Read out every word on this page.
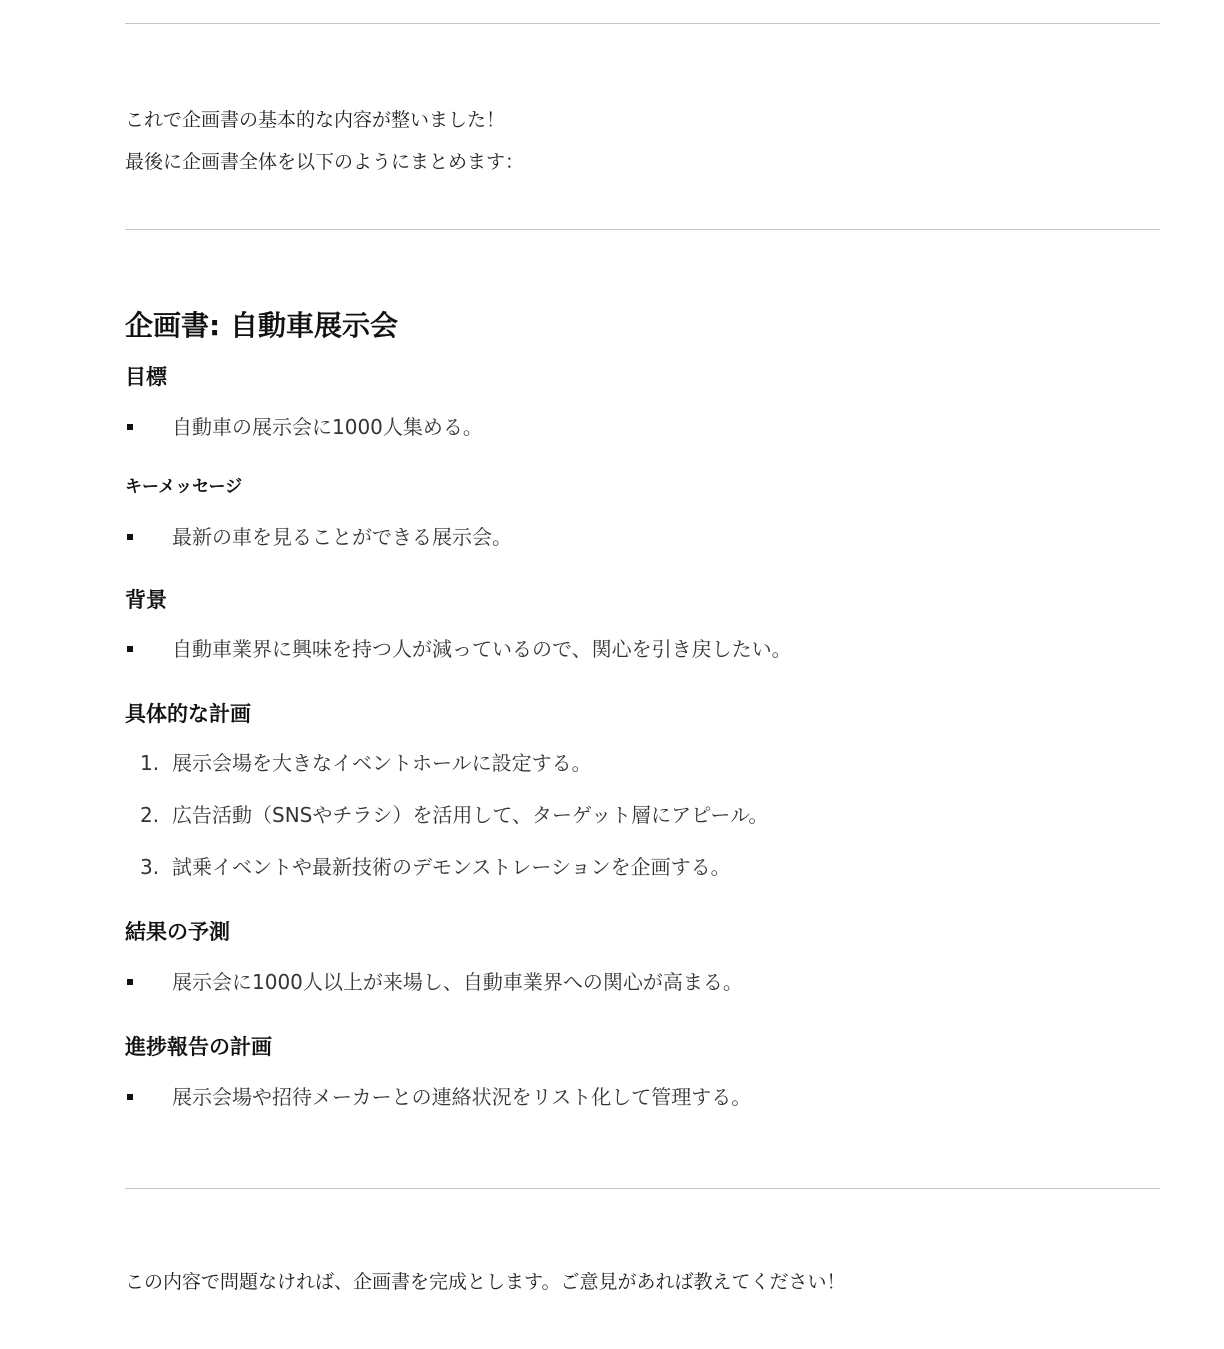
これで企画書の基本的な内容が整いました！

最後に企画書全体を以下のようにまとめます：

企画書: 自動車展示会
目標
自動車の展示会に1000人集める。
キーメッセージ
最新の車を見ることができる展示会。
背景
自動車業界に興味を持つ人が減っているので、関心を引き戻したい。
具体的な計画
1. 展示会場を大きなイベントホールに設定する。
2. 広告活動（SNSやチラシ）を活用して、ターゲット層にアピール。
3. 試乗イベントや最新技術のデモンストレーションを企画する。
結果の予測
展示会に1000人以上が来場し、自動車業界への関心が高まる。
進捗報告の計画
展示会場や招待メーカーとの連絡状況をリスト化して管理する。

この内容で問題なければ、企画書を完成とします。ご意見があれば教えてください！
